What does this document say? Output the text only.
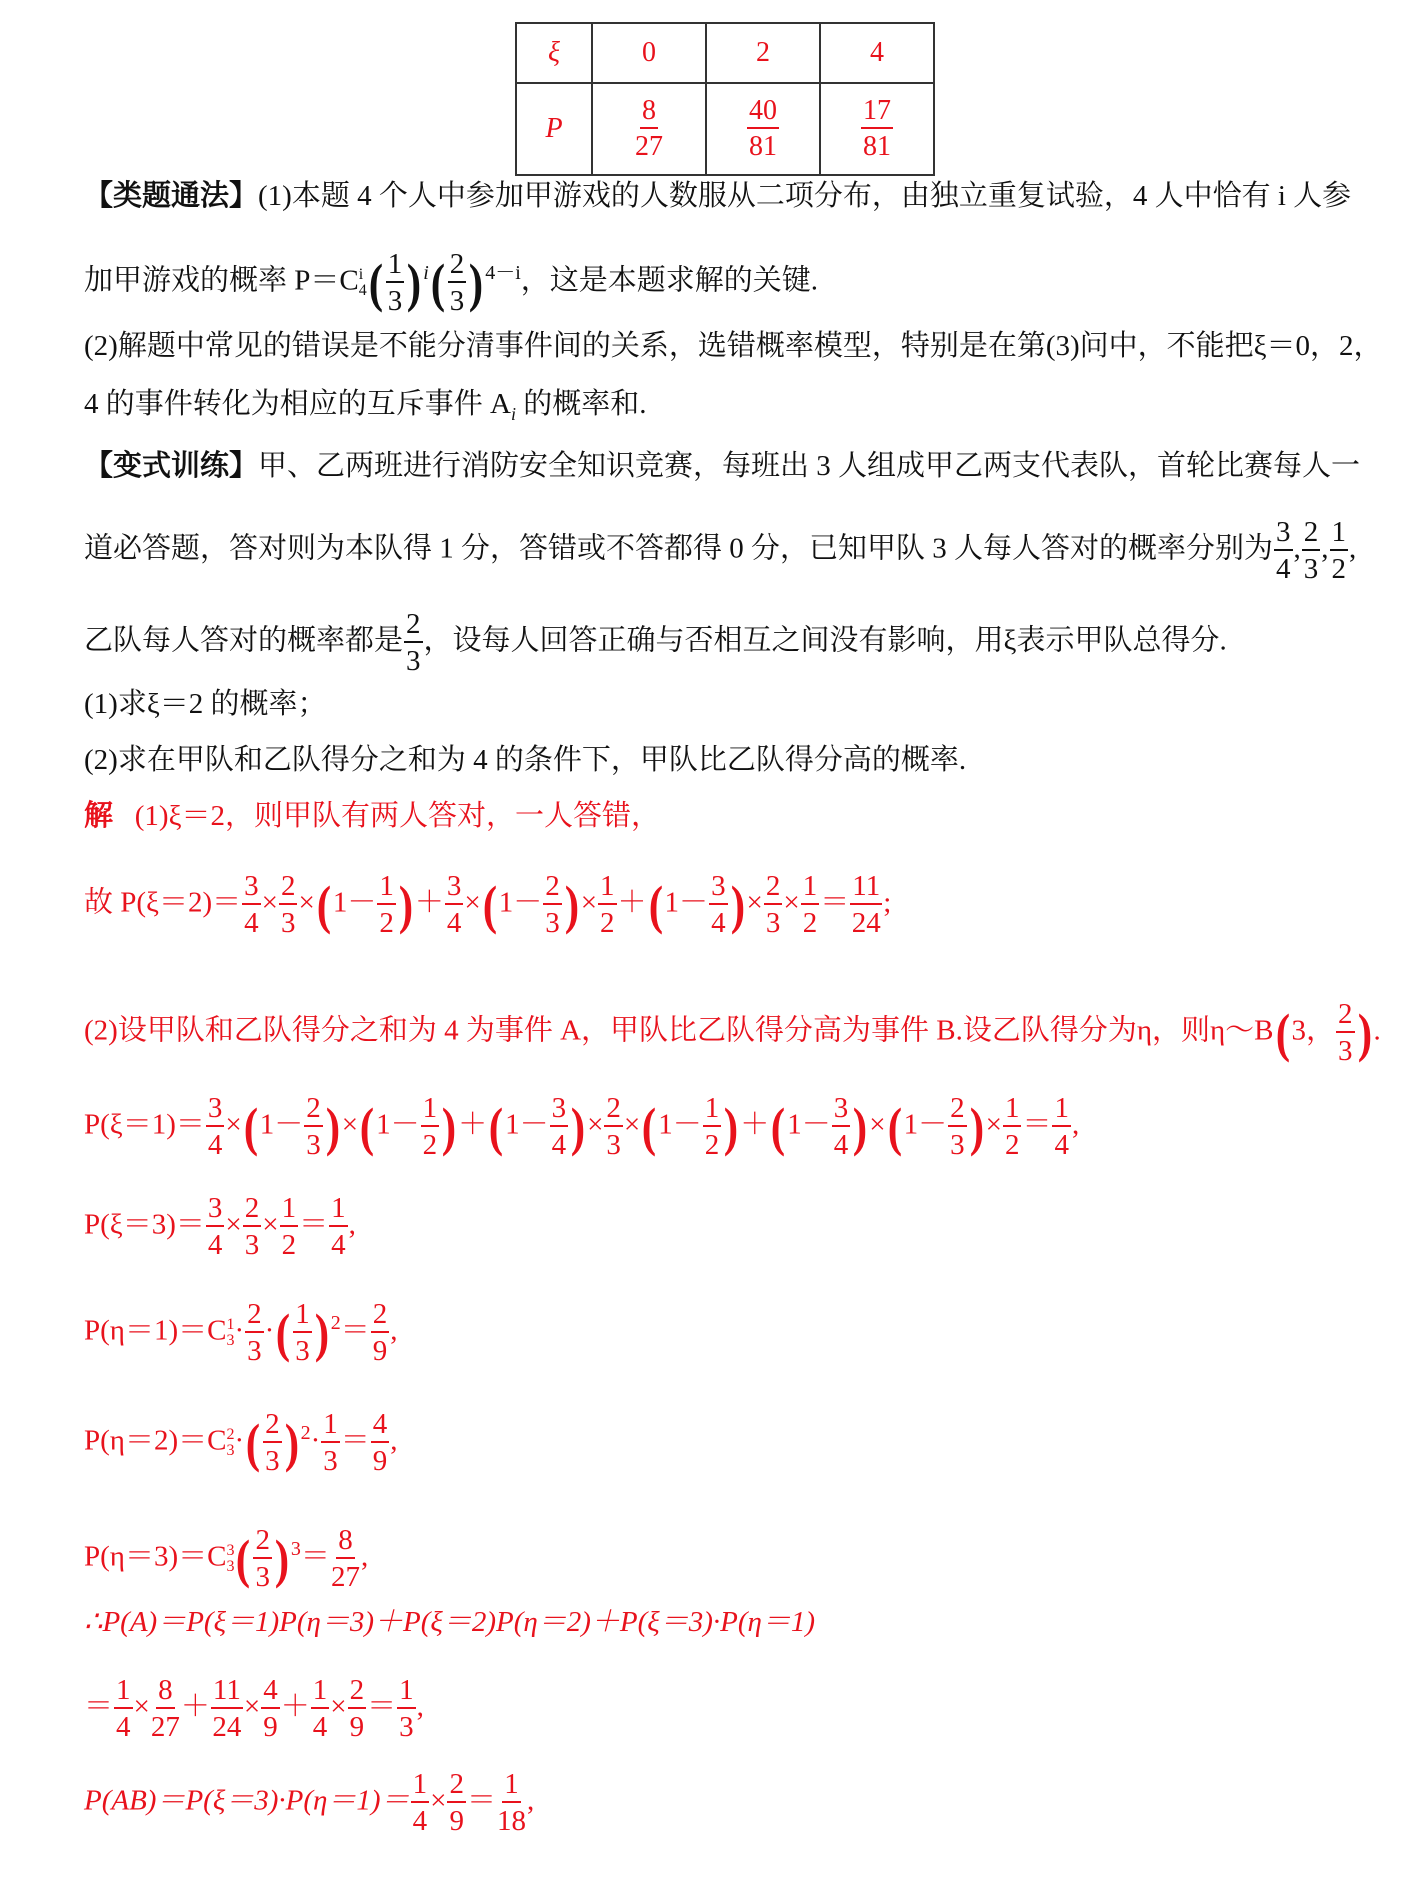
ξ	0	2	4
P	$\frac{8}{27}$	$\frac{40}{81}$	$\frac{17}{81}$
【类题通法】(1)本题 4 个人中参加甲游戏的人数服从二项分布，由独立重复试验，4 人中恰有 i 人参
加甲游戏的概率 P＝C i
4 ( $\frac{1}{3} )^i( \frac{2}{3} )^{4-i}$，这是本题求解的关键.
(2)解题中常见的错误是不能分清事件间的关系，选错概率模型，特别是在第(3)问中，不能把ξ＝0，2，
4 的事件转化为相应的互斥事件 $A_i$ 的概率和.
【变式训练】甲、乙两班进行消防安全知识竞赛，每班出 3 人组成甲乙两支代表队，首轮比赛每人一
道必答题，答对则为本队得 1 分，答错或不答都得 0 分，已知甲队 3 人每人答对的概率分别为 $\frac{3}{4}$ , $\frac{2}{3}$ , $\frac{1}{2}$ ,
乙队每人答对的概率都是 $\frac{2}{3}$ ，设每人回答正确与否相互之间没有影响，用ξ表示甲队总得分.
(1)求ξ＝2 的概率；
(2)求在甲队和乙队得分之和为 4 的条件下，甲队比乙队得分高的概率.
解 (1)ξ＝2，则甲队有两人答对，一人答错，
故 $P(\xi=2)= \frac{3}{4} \times \frac{2}{3} \times(1- \frac{1}{2}$ )＋ $\frac{3}{4} \times(1- \frac{2}{3}$ )× $\frac{1}{2} +(1- \frac{3}{4}$ )× $\frac{2}{3} \times \frac{1}{2} = \frac{11}{24}$ ;
(2)设甲队和乙队得分之和为 4 为事件 A，甲队比乙队得分高为事件 B.设乙队得分为η，则η～B(3， $\frac{2}{3}$ ).
$P(\xi=1)= \frac{3}{4} \times(1- \frac{2}{3} )\times(1- \frac{1}{2} )+(1- \frac{3}{4}$ )× $\frac{2}{3} \times(1- \frac{1}{2} )+(1- \frac{3}{4} )\times(1- \frac{2}{3}$ )× $\frac{1}{2} = \frac{1}{4}$ ,
$P(\xi=3)= \frac{3}{4} \times \frac{2}{3} \times \frac{1}{2} = \frac{1}{4}$ ,
P(η＝1)＝C 1
$3 \cdot \frac{2}{3}$ ·( $\frac{1}{3} )^2= \frac{2}{9}$ ,
P(η＝2)＝C 2
3 ·( $\frac{2}{3} )^2\cdot \frac{1}{3} = \frac{4}{9}$ ,
P(η＝3)＝C 3
3 ( $\frac{2}{3} )^3= \frac{8}{27}$ ,
∴P(A)＝P(ξ＝1)P(η＝3)＋P(ξ＝2)P(η＝2)＋P(ξ＝3)·P(η＝1)
＝ $\frac{1}{4} \times \frac{8}{27} + \frac{11}{24} \times \frac{4}{9} + \frac{1}{4} \times \frac{2}{9} = \frac{1}{3}$ ,
$P(AB)=P(\xi=3)\cdot P(\eta=1)= \frac{1}{4} \times \frac{2}{9} = \frac{1}{18}$ ,
